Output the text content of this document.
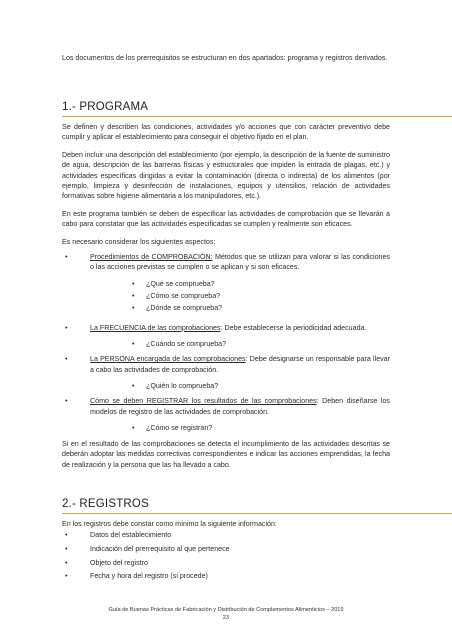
Los documentos de los prerrequisitos se estructuran en dos apartados: programa y registros derivados.

1.- PROGRAMA

Se definen y describen las condiciones, actividades y/o acciones que con carácter preventivo debe cumplir y aplicar el establecimiento para conseguir el objetivo fijado en el plan.

Deben incluir una descripción del establecimiento (por ejemplo, la descripción de la fuente de suministro de agua, descripción de las barreras físicas y estructurales que impiden la entrada de plagas, etc.) y actividades específicas dirigidas a evitar la contaminación (directa o indirecta) de los alimentos (por ejemplo, limpieza y desinfección de instalaciones, equipos y utensilios, relación de actividades formativas sobre higiene alimentaria a los manipuladores, etc.).

En este programa también se deben de especificar las actividades de comprobación que se llevarán a cabo para constatar que las actividades especificadas se cumplen y realmente son eficaces.

Es necesario considerar los siguientes aspectos:

•	Procedimientos de COMPROBACIÓN: Métodos que se utilizan para valorar si las condiciones o las acciones previstas se cumplen o se aplican y si son eficaces.
• ¿Qué se comprueba?
• ¿Cómo se comprueba?
• ¿Dónde se comprueba?
•	La FRECUENCIA de las comprobaciones: Debe establecerse la periodicidad adecuada.
• ¿Cuándo se comprueba?
•	La PERSONA encargada de las comprobaciones: Debe designarse un responsable para llevar a cabo las actividades de comprobación.
• ¿Quién lo comprueba?
•	Cómo se deben REGISTRAR los resultados de las comprobaciones: Deben diseñarse los modelos de registro de las actividades de comprobación.
• ¿Cómo se registran?

Si en el resultado de las comprobaciones se detecta el incumplimiento de las actividades descritas se deberán adoptar las medidas correctivas correspondientes e indicar las acciones emprendidas, la fecha de realización y la persona que las ha llevado a cabo.

2.- REGISTROS

En los registros debe constar como mínimo la siguiente información:

•	Datos del establecimiento
•	Indicación del prerrequisito al que pertenece
•	Objeto del registro
•	Fecha y hora del registro (si procede)
Guía de Buenas Prácticas de Fabricación y Distribución de Complementos Alimenticios – 2019
23
